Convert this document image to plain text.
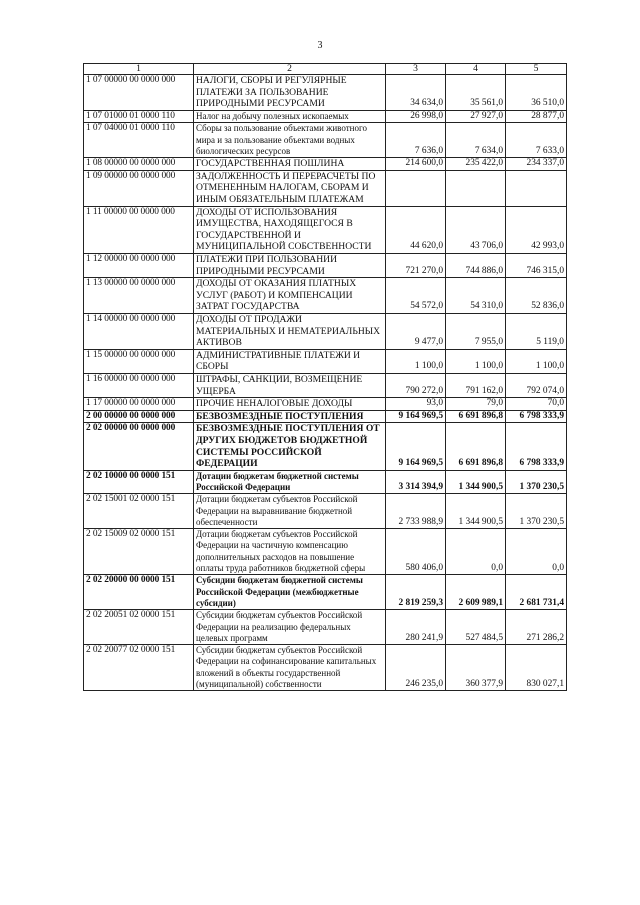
3
1	2	3	4	5
1 07 00000 00 0000 000	НАЛОГИ, СБОРЫ И РЕГУЛЯРНЫЕ ПЛАТЕЖИ ЗА ПОЛЬЗОВАНИЕ ПРИРОДНЫМИ РЕСУРСАМИ	34 634,0	35 561,0	36 510,0
1 07 01000 01 0000 110	Налог на добычу полезных ископаемых	26 998,0	27 927,0	28 877,0
1 07 04000 01 0000 110	Сборы за пользование объектами животного мира и за пользование объектами водных биологических ресурсов	7 636,0	7 634,0	7 633,0
1 08 00000 00 0000 000	ГОСУДАРСТВЕННАЯ ПОШЛИНА	214 600,0	235 422,0	234 337,0
1 09 00000 00 0000 000	ЗАДОЛЖЕННОСТЬ И ПЕРЕРАСЧЕТЫ ПО ОТМЕНЕННЫМ НАЛОГАМ, СБОРАМ И ИНЫМ ОБЯЗАТЕЛЬНЫМ ПЛАТЕЖАМ			
1 11 00000 00 0000 000	ДОХОДЫ ОТ ИСПОЛЬЗОВАНИЯ ИМУЩЕСТВА, НАХОДЯЩЕГОСЯ В ГОСУДАРСТВЕННОЙ И МУНИЦИПАЛЬНОЙ СОБСТВЕННОСТИ	44 620,0	43 706,0	42 993,0
1 12 00000 00 0000 000	ПЛАТЕЖИ ПРИ ПОЛЬЗОВАНИИ ПРИРОДНЫМИ РЕСУРСАМИ	721 270,0	744 886,0	746 315,0
1 13 00000 00 0000 000	ДОХОДЫ ОТ ОКАЗАНИЯ ПЛАТНЫХ УСЛУГ (РАБОТ) И КОМПЕНСАЦИИ ЗАТРАТ ГОСУДАРСТВА	54 572,0	54 310,0	52 836,0
1 14 00000 00 0000 000	ДОХОДЫ ОТ ПРОДАЖИ МАТЕРИАЛЬНЫХ И НЕМАТЕРИАЛЬНЫХ АКТИВОВ	9 477,0	7 955,0	5 119,0
1 15 00000 00 0000 000	АДМИНИСТРАТИВНЫЕ ПЛАТЕЖИ И СБОРЫ	1 100,0	1 100,0	1 100,0
1 16 00000 00 0000 000	ШТРАФЫ, САНКЦИИ, ВОЗМЕЩЕНИЕ УЩЕРБА	790 272,0	791 162,0	792 074,0
1 17 00000 00 0000 000	ПРОЧИЕ НЕНАЛОГОВЫЕ ДОХОДЫ	93,0	79,0	70,0
2 00 00000 00 0000 000	БЕЗВОЗМЕЗДНЫЕ ПОСТУПЛЕНИЯ	9 164 969,5	6 691 896,8	6 798 333,9
2 02 00000 00 0000 000	БЕЗВОЗМЕЗДНЫЕ ПОСТУПЛЕНИЯ ОТ ДРУГИХ БЮДЖЕТОВ БЮДЖЕТНОЙ СИСТЕМЫ РОССИЙСКОЙ ФЕДЕРАЦИИ	9 164 969,5	6 691 896,8	6 798 333,9
2 02 10000 00 0000 151	Дотации бюджетам бюджетной системы Российской Федерации	3 314 394,9	1 344 900,5	1 370 230,5
2 02 15001 02 0000 151	Дотации бюджетам субъектов Российской Федерации на выравнивание бюджетной обеспеченности	2 733 988,9	1 344 900,5	1 370 230,5
2 02 15009 02 0000 151	Дотации бюджетам субъектов Российской Федерации на частичную компенсацию дополнительных расходов на повышение оплаты труда работников бюджетной сферы	580 406,0	0,0	0,0
2 02 20000 00 0000 151	Субсидии бюджетам бюджетной системы Российской Федерации (межбюджетные субсидии)	2 819 259,3	2 609 989,1	2 681 731,4
2 02 20051 02 0000 151	Субсидии бюджетам субъектов Российской Федерации на реализацию федеральных целевых программ	280 241,9	527 484,5	271 286,2
2 02 20077 02 0000 151	Субсидии бюджетам субъектов Российской Федерации на софинансирование капитальных вложений в объекты государственной (муниципальной) собственности	246 235,0	360 377,9	830 027,1
